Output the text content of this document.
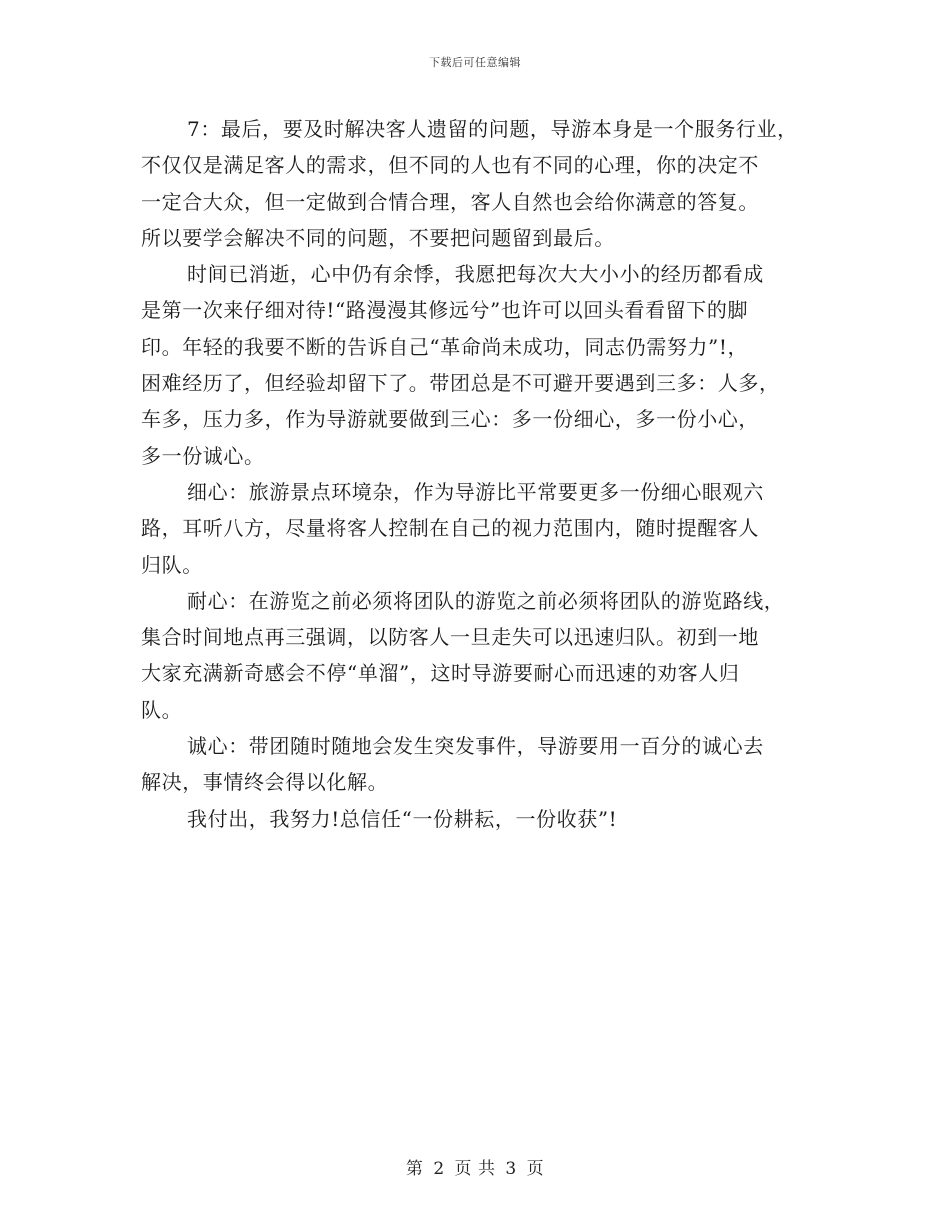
下载后可任意编辑
7：最后，要及时解决客人遗留的问题，导游本身是一个服务行业，
不仅仅是满足客人的需求，但不同的人也有不同的心理，你的决定不
一定合大众，但一定做到合情合理，客人自然也会给你满意的答复。
所以要学会解决不同的问题，不要把问题留到最后。
时间已消逝，心中仍有余悸，我愿把每次大大小小的经历都看成
是第一次来仔细对待!“路漫漫其修远兮”也许可以回头看看留下的脚
印。年轻的我要不断的告诉自己“革命尚未成功，同志仍需努力”!，
困难经历了，但经验却留下了。带团总是不可避开要遇到三多：人多，
车多，压力多，作为导游就要做到三心：多一份细心，多一份小心，
多一份诚心。
细心：旅游景点环境杂，作为导游比平常要更多一份细心眼观六
路，耳听八方，尽量将客人控制在自己的视力范围内，随时提醒客人
归队。
耐心：在游览之前必须将团队的游览之前必须将团队的游览路线，
集合时间地点再三强调，以防客人一旦走失可以迅速归队。初到一地
大家充满新奇感会不停“单溜”，这时导游要耐心而迅速的劝客人归
队。
诚心：带团随时随地会发生突发事件，导游要用一百分的诚心去
解决，事情终会得以化解。
我付出，我努力!总信任“一份耕耘，一份收获”!
第 2 页 共 3 页
